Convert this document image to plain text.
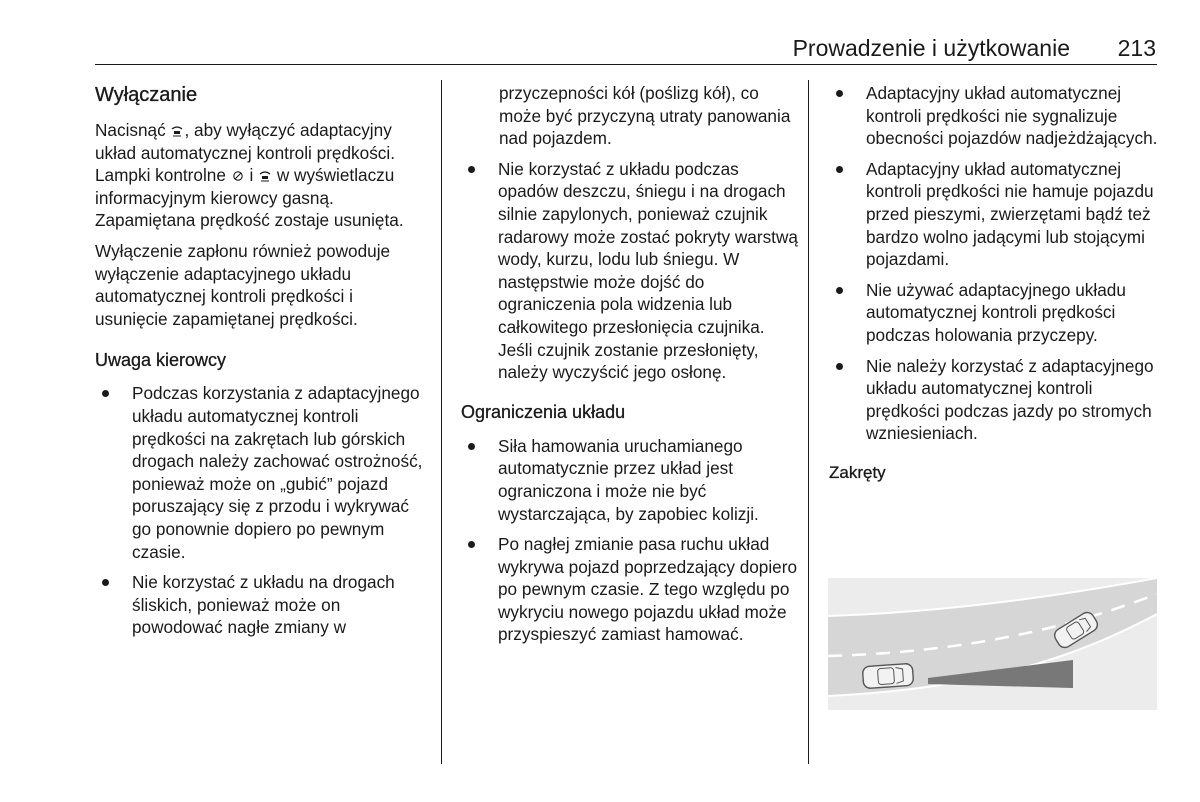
Prowadzenie i użytkowanie	213
Wyłączanie

Nacisnąć , aby wyłączyć adaptacyjny układ automatycznej kontroli prędkości. Lampki kontrolne i w wyświetlaczu informacyjnym kierowcy gasną. Zapamiętana prędkość zostaje usunięta.

Wyłączenie zapłonu również powoduje wyłączenie adaptacyjnego układu automatycznej kontroli prędkości i usunięcie zapamiętanej prędkości.

Uwaga kierowcy
Podczas korzystania z adaptacyjnego układu automatycznej kontroli prędkości na zakrętach lub górskich drogach należy zachować ostrożność, ponieważ może on „gubić” pojazd poruszający się z przodu i wykrywać go ponownie dopiero po pewnym czasie.
Nie korzystać z układu na drogach śliskich, ponieważ może on powodować nagłe zmiany w

przyczepności kół (poślizg kół), co może być przyczyną utraty panowania nad pojazdem.

Nie korzystać z układu podczas opadów deszczu, śniegu i na drogach silnie zapylonych, ponieważ czujnik radarowy może zostać pokryty warstwą wody, kurzu, lodu lub śniegu. W następstwie może dojść do ograniczenia pola widzenia lub całkowitego przesłonięcia czujnika. Jeśli czujnik zostanie przesłonięty, należy wyczyścić jego osłonę.
Ograniczenia układu
Siła hamowania uruchamianego automatycznie przez układ jest ograniczona i może nie być wystarczająca, by zapobiec kolizji.
Po nagłej zmianie pasa ruchu układ wykrywa pojazd poprzedzający dopiero po pewnym czasie. Z tego względu po wykryciu nowego pojazdu układ może przyspieszyć zamiast hamować.
Adaptacyjny układ automatycznej kontroli prędkości nie sygnalizuje obecności pojazdów nadjeżdżających.
Adaptacyjny układ automatycznej kontroli prędkości nie hamuje pojazdu przed pieszymi, zwierzętami bądź też bardzo wolno jadącymi lub stojącymi pojazdami.
Nie używać adaptacyjnego układu automatycznej kontroli prędkości podczas holowania przyczepy.
Nie należy korzystać z adaptacyjnego układu automatycznej kontroli prędkości podczas jazdy po stromych wzniesieniach.
Zakręty
